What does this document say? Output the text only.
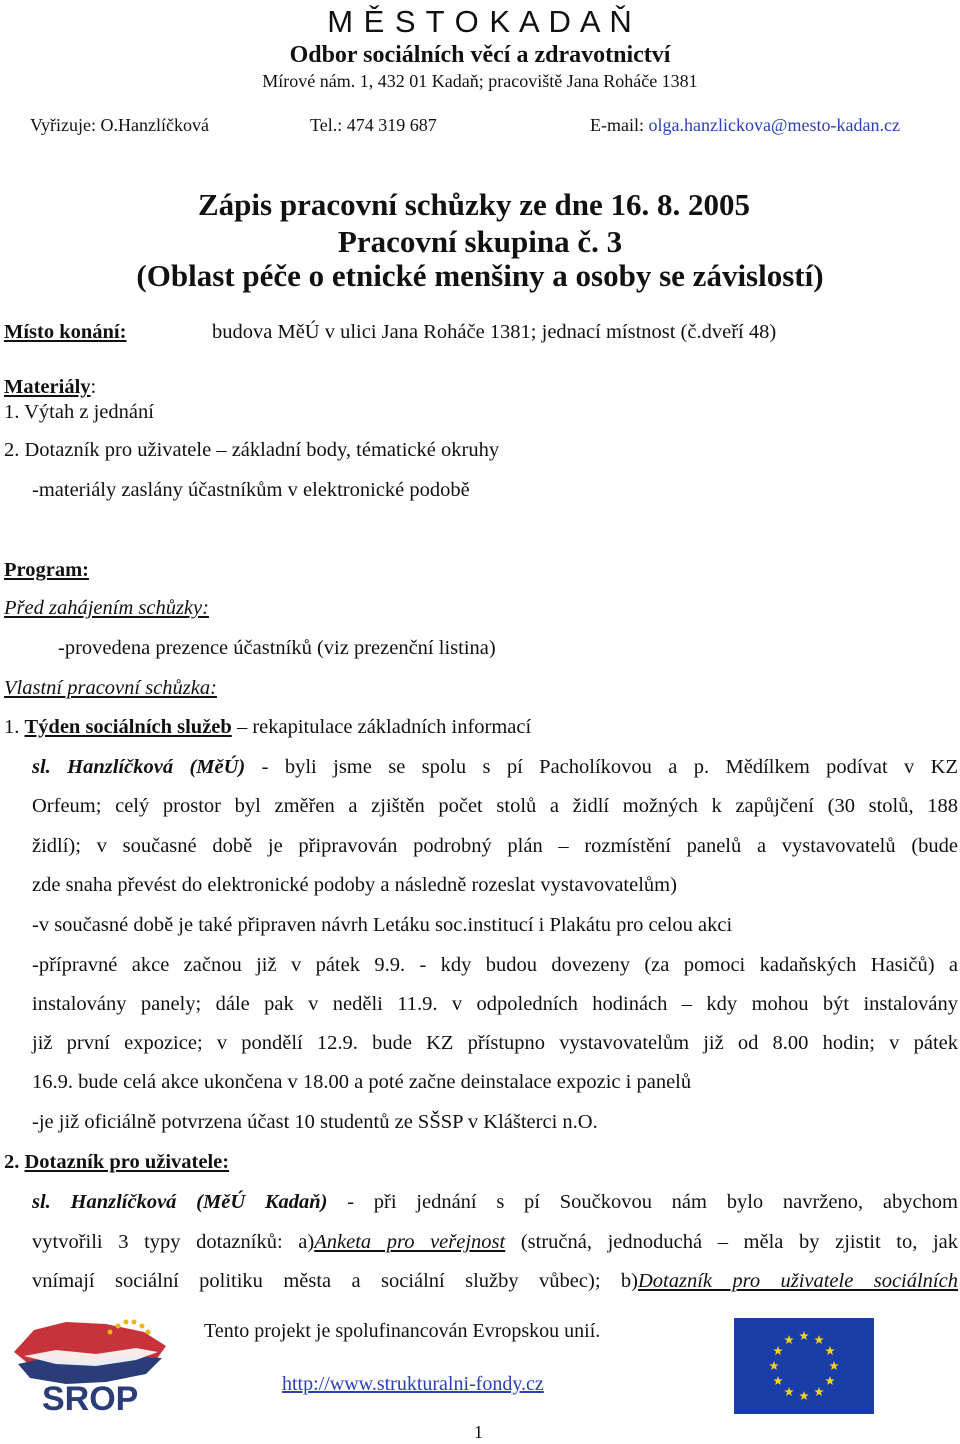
M Ě S T O K A D A Ň
Odbor sociálních věcí a zdravotnictví
Mírové nám. 1, 432 01 Kadaň; pracoviště Jana Roháče 1381
Vyřizuje: O.Hanzlíčková	Tel.: 474 319 687	E-mail: olga.hanzlickova@mesto-kadan.cz
Zápis pracovní schůzky ze dne 16. 8. 2005
Pracovní skupina č. 3
(Oblast péče o etnické menšiny a osoby se závislostí)
Místo konání:	budova MěÚ v ulici Jana Roháče 1381; jednací místnost (č.dveří 48)
Materiály:
1. Výtah z jednání
2. Dotazník pro uživatele – základní body, tématické okruhy
-materiály zaslány účastníkům v elektronické podobě
Program:
Před zahájením schůzky:
-provedena prezence účastníků (viz prezenční listina)
Vlastní pracovní schůzka:
1. Týden sociálních služeb – rekapitulace základních informací
sl. Hanzlíčková (MěÚ) - byli jsme se spolu s pí Pacholíkovou a p. Mědílkem podívat v KZ
Orfeum; celý prostor byl změřen a zjištěn počet stolů a židlí možných k zapůjčení (30 stolů, 188
židlí); v současné době je připravován podrobný plán – rozmístění panelů a vystavovatelů (bude
zde snaha převést do elektronické podoby a následně rozeslat vystavovatelům)
-v současné době je také připraven návrh Letáku soc.institucí i Plakátu pro celou akci
-přípravné akce začnou již v pátek 9.9. - kdy budou dovezeny (za pomoci kadaňských Hasičů) a
instalovány panely; dále pak v neděli 11.9. v odpoledních hodinách – kdy mohou být instalovány
již první expozice; v pondělí 12.9. bude KZ přístupno vystavovatelům již od 8.00 hodin; v pátek
16.9. bude celá akce ukončena v 18.00 a poté začne deinstalace expozic i panelů
-je již oficiálně potvrzena účast 10 studentů ze SŠSP v Klášterci n.O.
2. Dotazník pro uživatele:
sl. Hanzlíčková (MěÚ Kadaň) - při jednání s pí Součkovou nám bylo navrženo, abychom
vytvořili 3 typy dotazníků: a)Anketa pro veřejnost (stručná, jednoduchá – měla by zjistit to, jak
vnímají sociální politiku města a sociální služby vůbec); b)Dotazník pro uživatele sociálních
SROP
Tento projekt je spolufinancován Evropskou unií.
http://www.strukturalni-fondy.cz
1
